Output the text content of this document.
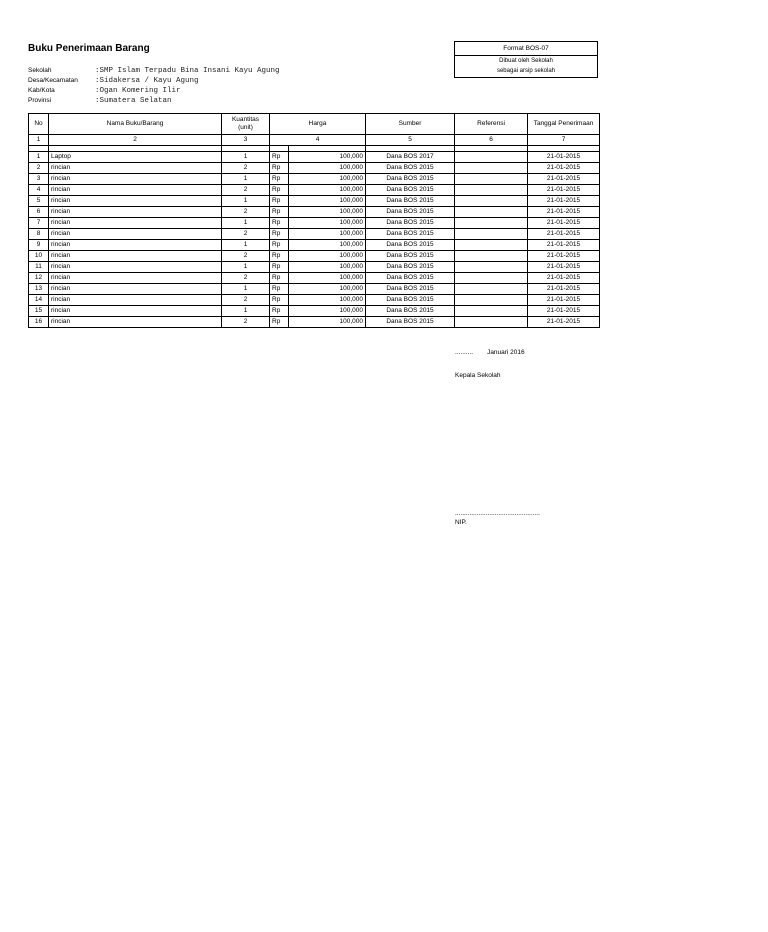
Buku Penerimaan Barang	Format BOS-07
Dibuat oleh Sekolah
sebagai arsip sekolah
Sekolah	:SMP Islam Terpadu Bina Insani Kayu Agung
Desa/Kecamatan :Sidakersa / Kayu Agung
Kab/Kota	:Ogan Komering Ilir
Provinsi	:Sumatera Selatan
No	Nama Buku/Barang	Kuantitas (unit)	Harga		Sumber	Referensi	Tanggal Penerimaan
1	2	3	4		5	6	7

1	Laptop	1	Rp	100,000	Dana BOS 2017		21-01-2015
2	rincian	2	Rp	100,000	Dana BOS 2015		21-01-2015
3	rincian	1	Rp	100,000	Dana BOS 2015		21-01-2015
4	rincian	2	Rp	100,000	Dana BOS 2015		21-01-2015
5	rincian	1	Rp	100,000	Dana BOS 2015		21-01-2015
6	rincian	2	Rp	100,000	Dana BOS 2015		21-01-2015
7	rincian	1	Rp	100,000	Dana BOS 2015		21-01-2015
8	rincian	2	Rp	100,000	Dana BOS 2015		21-01-2015
9	rincian	1	Rp	100,000	Dana BOS 2015		21-01-2015
10	rincian	2	Rp	100,000	Dana BOS 2015		21-01-2015
11	rincian	1	Rp	100,000	Dana BOS 2015		21-01-2015
12	rincian	2	Rp	100,000	Dana BOS 2015		21-01-2015
13	rincian	1	Rp	100,000	Dana BOS 2015		21-01-2015
14	rincian	2	Rp	100,000	Dana BOS 2015		21-01-2015
15	rincian	1	Rp	100,000	Dana BOS 2015		21-01-2015
16	rincian	2	Rp	100,000	Dana BOS 2015		21-01-2015
.......... Januari 2016
Kepala Sekolah
...............................................
NIP.
